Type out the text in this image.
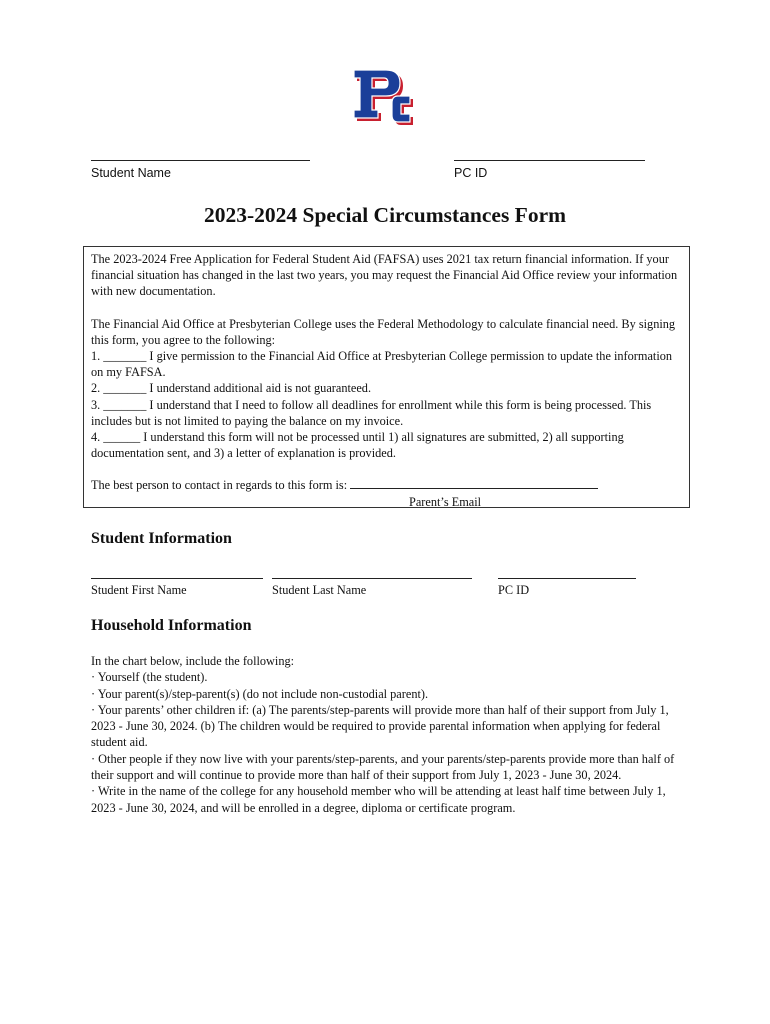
Student Name	PC ID
2023-2024 Special Circumstances Form

The 2023-2024 Free Application for Federal Student Aid (FAFSA) uses 2021 tax return financial information. If your financial situation has changed in the last two years, you may request the Financial Aid Office review your information with new documentation.

The Financial Aid Office at Presbyterian College uses the Federal Methodology to calculate financial need. By signing this form, you agree to the following:

1. _______ I give permission to the Financial Aid Office at Presbyterian College permission to update the information on my FAFSA.

2. _______ I understand additional aid is not guaranteed.

3. _______ I understand that I need to follow all deadlines for enrollment while this form is being processed. This includes but is not limited to paying the balance on my invoice.

4. ______ I understand this form will not be processed until 1) all signatures are submitted, 2) all supporting documentation sent, and 3) a letter of explanation is provided.

The best person to contact in regards to this form is:

Parent’s Email

Student Information
Student First Name	Student Last Name	PC ID
Household Information

In the chart below, include the following:

· Yourself (the student).

· Your parent(s)/step-parent(s) (do not include non-custodial parent).

· Your parents’ other children if: (a) The parents/step-parents will provide more than half of their support from July 1, 2023 - June 30, 2024. (b) The children would be required to provide parental information when applying for federal student aid.

· Other people if they now live with your parents/step-parents, and your parents/step-parents provide more than half of their support and will continue to provide more than half of their support from July 1, 2023 - June 30, 2024.

· Write in the name of the college for any household member who will be attending at least half time between July 1, 2023 - June 30, 2024, and will be enrolled in a degree, diploma or certificate program.
